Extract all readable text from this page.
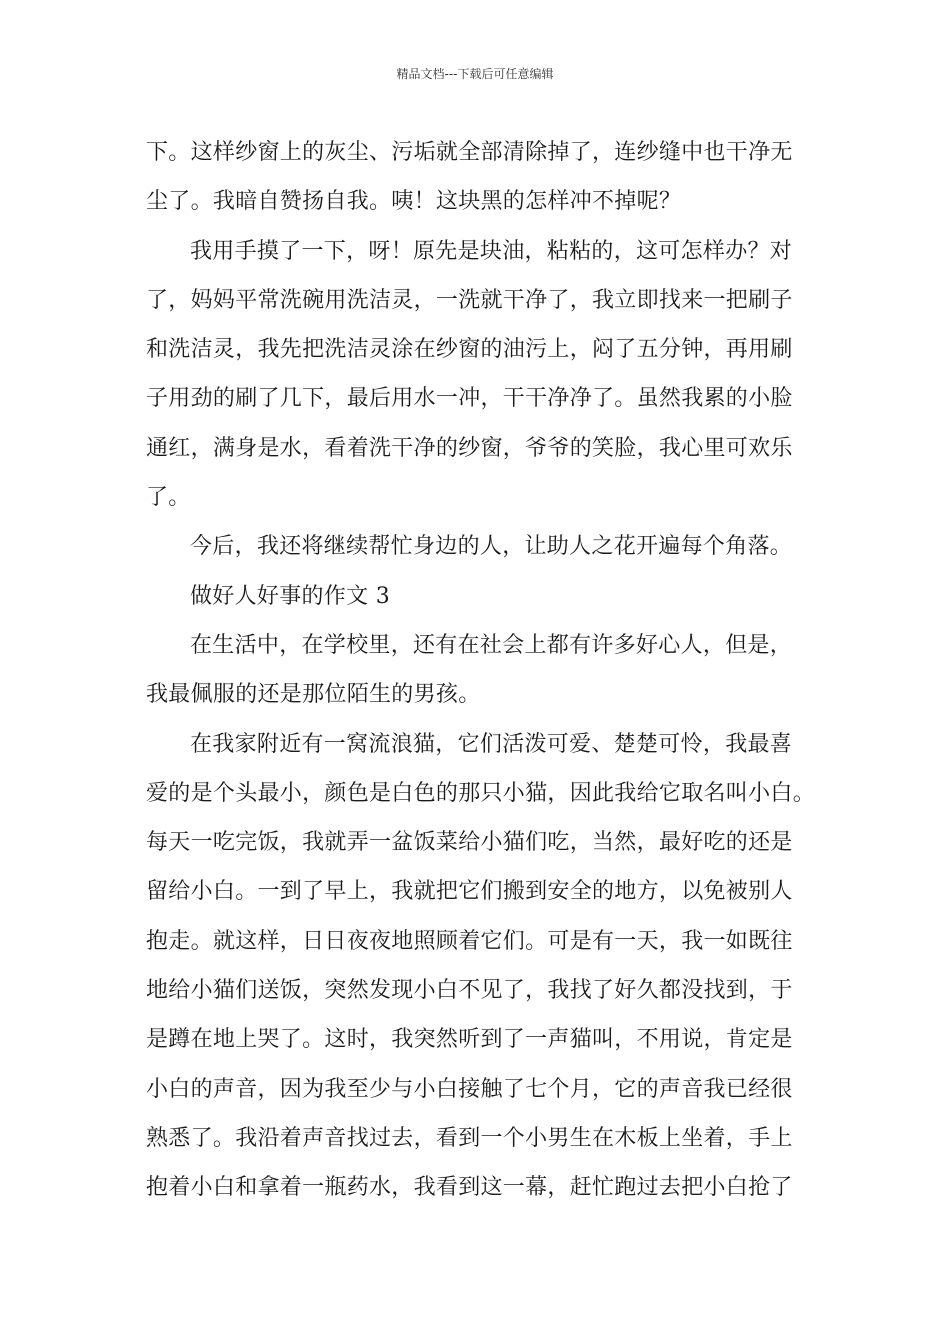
精品文档---下载后可任意编辑
下。这样纱窗上的灰尘、污垢就全部清除掉了，连纱缝中也干净无
尘了。我暗自赞扬自我。咦！这块黑的怎样冲不掉呢？
我用手摸了一下，呀！原先是块油，粘粘的，这可怎样办？对
了，妈妈平常洗碗用洗洁灵，一洗就干净了，我立即找来一把刷子
和洗洁灵，我先把洗洁灵涂在纱窗的油污上，闷了五分钟，再用刷
子用劲的刷了几下，最后用水一冲，干干净净了。虽然我累的小脸
通红，满身是水，看着洗干净的纱窗，爷爷的笑脸，我心里可欢乐
了。
今后，我还将继续帮忙身边的人，让助人之花开遍每个角落。
做好人好事的作文 3
在生活中，在学校里，还有在社会上都有许多好心人，但是，
我最佩服的还是那位陌生的男孩。
在我家附近有一窝流浪猫，它们活泼可爱、楚楚可怜，我最喜
爱的是个头最小，颜色是白色的那只小猫，因此我给它取名叫小白。
每天一吃完饭，我就弄一盆饭菜给小猫们吃，当然，最好吃的还是
留给小白。一到了早上，我就把它们搬到安全的地方，以免被别人
抱走。就这样，日日夜夜地照顾着它们。可是有一天，我一如既往
地给小猫们送饭，突然发现小白不见了，我找了好久都没找到，于
是蹲在地上哭了。这时，我突然听到了一声猫叫，不用说，肯定是
小白的声音，因为我至少与小白接触了七个月，它的声音我已经很
熟悉了。我沿着声音找过去，看到一个小男生在木板上坐着，手上
抱着小白和拿着一瓶药水，我看到这一幕，赶忙跑过去把小白抢了
